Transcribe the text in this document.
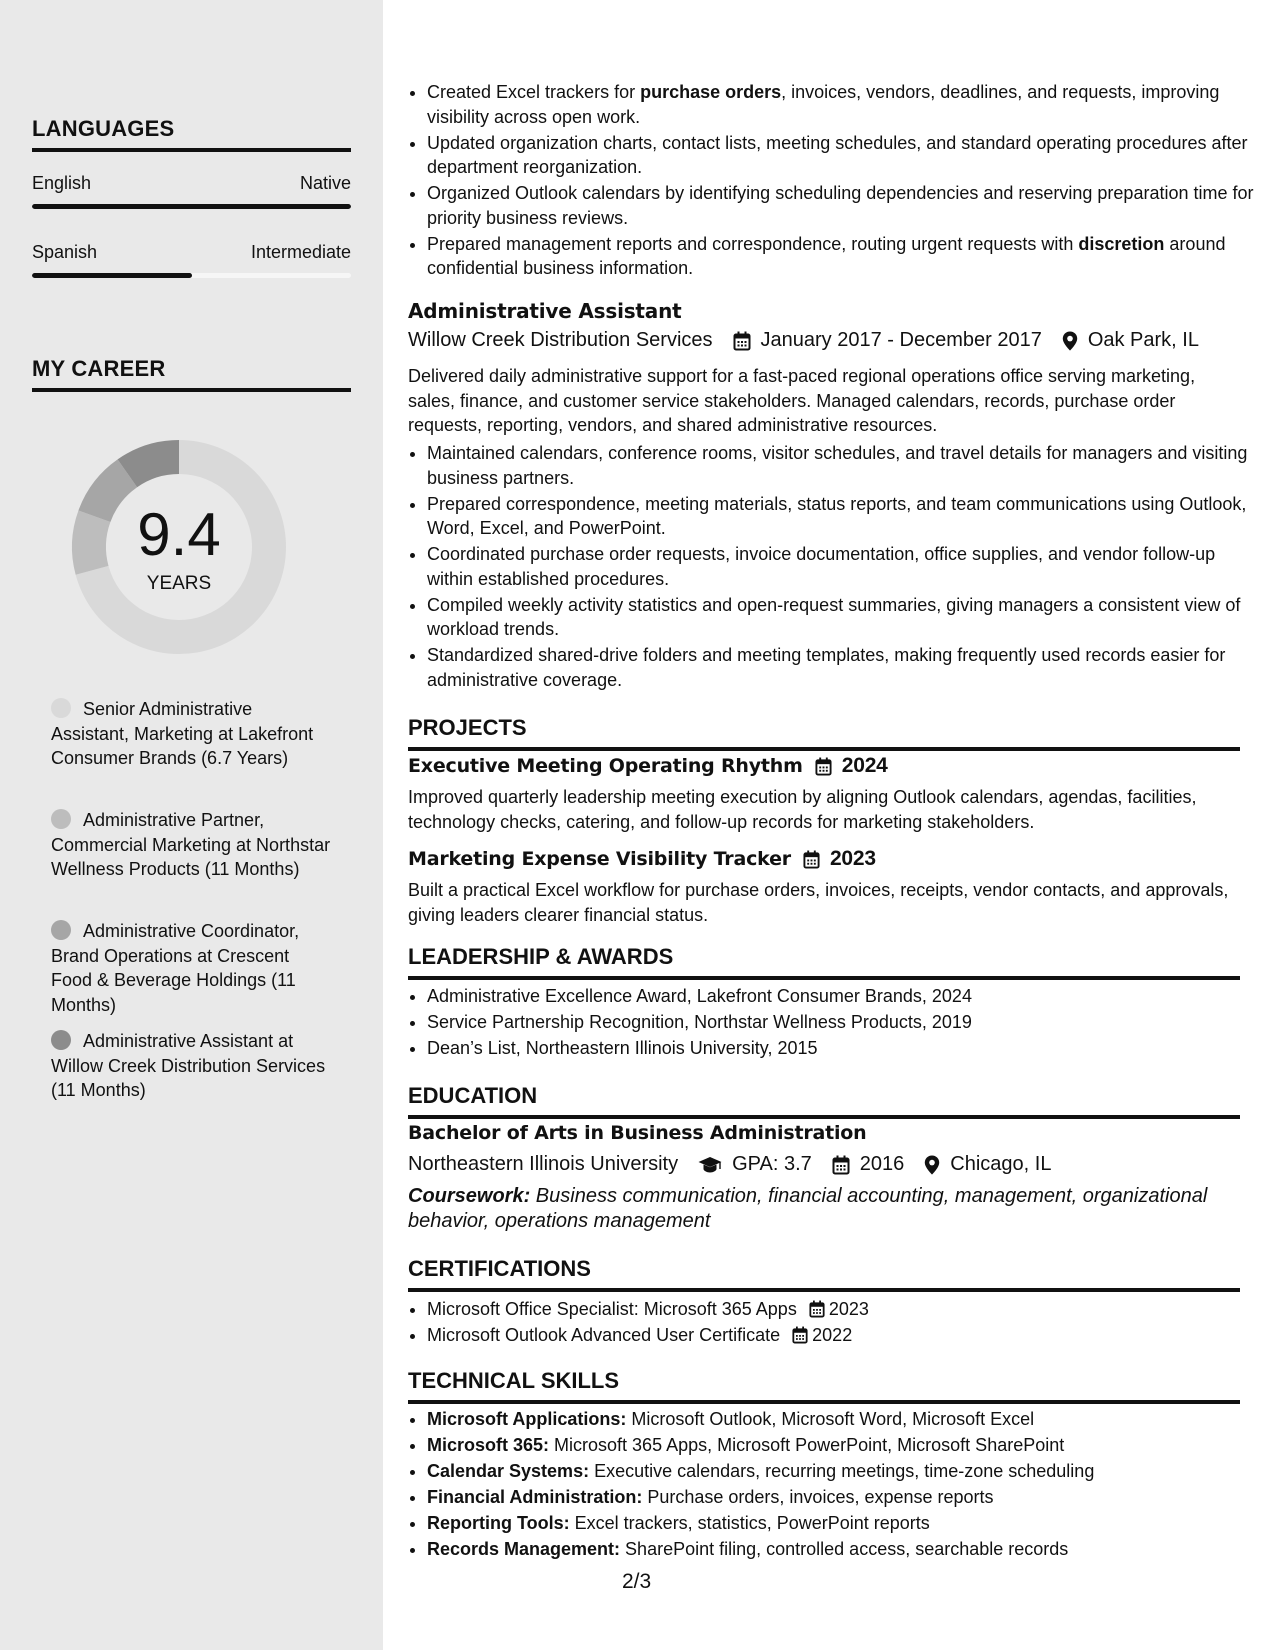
LANGUAGES
English	Native
Spanish	Intermediate
MY CAREER
9.4
YEARS
Senior Administrative Assistant, Marketing at Lakefront Consumer Brands (6.7 Years)
Administrative Partner, Commercial Marketing at Northstar Wellness Products (11 Months)
Administrative Coordinator, Brand Operations at Crescent Food & Beverage Holdings (11 Months)
Administrative Assistant at Willow Creek Distribution Services (11 Months)
• Created Excel trackers for purchase orders, invoices, vendors, deadlines, and requests, improving visibility across open work.
• Updated organization charts, contact lists, meeting schedules, and standard operating procedures after department reorganization.
• Organized Outlook calendars by identifying scheduling dependencies and reserving preparation time for priority business reviews.
• Prepared management reports and correspondence, routing urgent requests with discretion around confidential business information.
Administrative Assistant
Willow Creek Distribution Services January 2017 - December 2017 Oak Park, IL
Delivered daily administrative support for a fast-paced regional operations office serving marketing, sales, finance, and customer service stakeholders. Managed calendars, records, purchase order requests, reporting, vendors, and shared administrative resources.
• Maintained calendars, conference rooms, visitor schedules, and travel details for managers and visiting business partners.
• Prepared correspondence, meeting materials, status reports, and team communications using Outlook, Word, Excel, and PowerPoint.
• Coordinated purchase order requests, invoice documentation, office supplies, and vendor follow-up within established procedures.
• Compiled weekly activity statistics and open-request summaries, giving managers a consistent view of workload trends.
• Standardized shared-drive folders and meeting templates, making frequently used records easier for administrative coverage.
PROJECTS
Executive Meeting Operating Rhythm 2024
Improved quarterly leadership meeting execution by aligning Outlook calendars, agendas, facilities, technology checks, catering, and follow-up records for marketing stakeholders.
Marketing Expense Visibility Tracker 2023
Built a practical Excel workflow for purchase orders, invoices, receipts, vendor contacts, and approvals, giving leaders clearer financial status.
LEADERSHIP & AWARDS
• Administrative Excellence Award, Lakefront Consumer Brands, 2024
• Service Partnership Recognition, Northstar Wellness Products, 2019
• Dean’s List, Northeastern Illinois University, 2015
EDUCATION
Bachelor of Arts in Business Administration
Northeastern Illinois University	GPA: 3.7 2016 Chicago, IL
Coursework: Business communication, financial accounting, management, organizational behavior, operations management
CERTIFICATIONS
• Microsoft Office Specialist: Microsoft 365 Apps 2023
• Microsoft Outlook Advanced User Certificate 2022
TECHNICAL SKILLS
• Microsoft Applications: Microsoft Outlook, Microsoft Word, Microsoft Excel
• Microsoft 365: Microsoft 365 Apps, Microsoft PowerPoint, Microsoft SharePoint
• Calendar Systems: Executive calendars, recurring meetings, time-zone scheduling
• Financial Administration: Purchase orders, invoices, expense reports
• Reporting Tools: Excel trackers, statistics, PowerPoint reports
• Records Management: SharePoint filing, controlled access, searchable records
2/3
